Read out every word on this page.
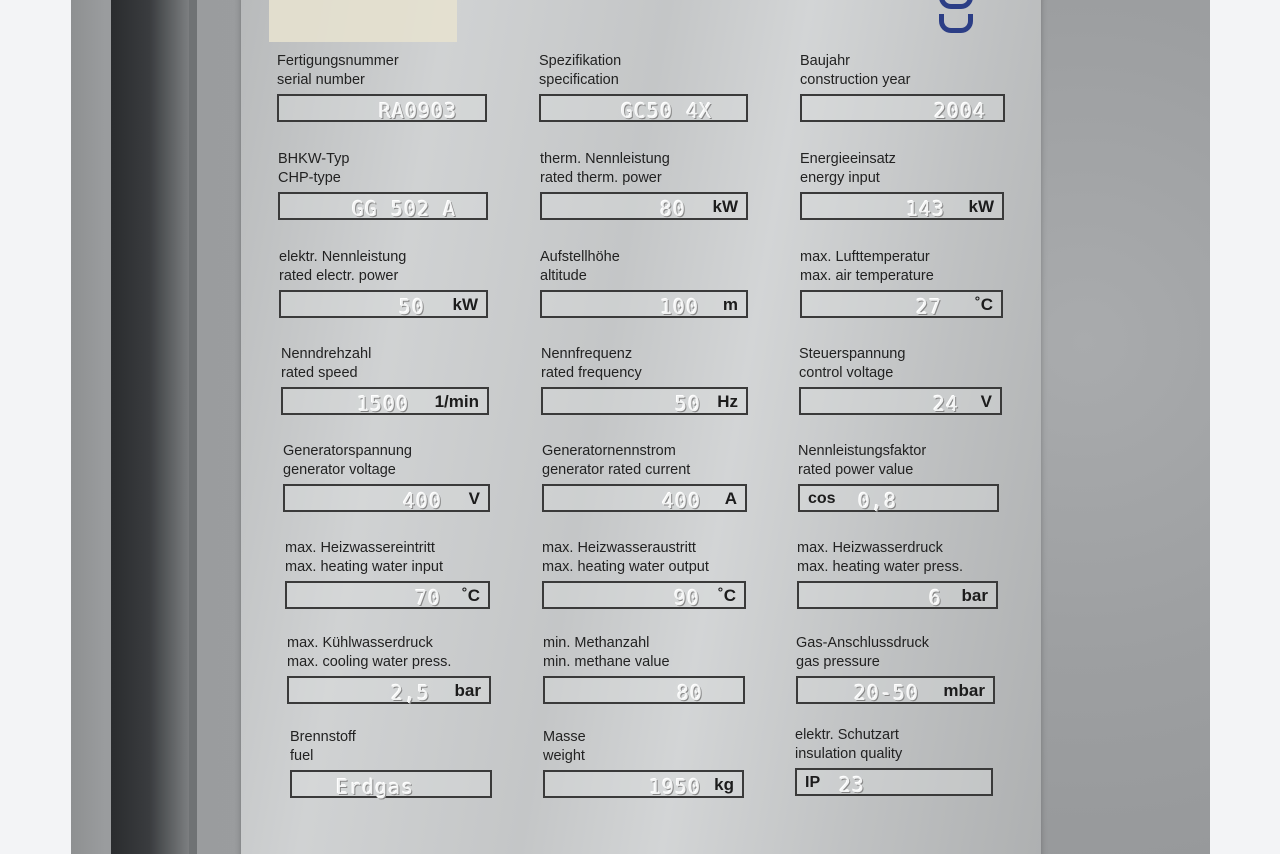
Fertigungsnummer
serial number
RA0903
Spezifikation
specification
GC50 4X
Baujahr
construction year
2004
BHKW-Typ
CHP-type
GG 502 A
therm. Nennleistung
rated therm. power
80 kW
Energieeinsatz
energy input
143 kW
elektr. Nennleistung
rated electr. power
50 kW
Aufstellhöhe
altitude
100 m
max. Lufttemperatur
max. air temperature
27 ˚C
Nenndrehzahl
rated speed
1500 1/min
Nennfrequenz
rated frequency
50 Hz
Steuerspannung
control voltage
24 V
Generatorspannung
generator voltage
400 V
Generatornennstrom
generator rated current
400 A
Nennleistungsfaktor
rated power value
cos 0,8
max. Heizwassereintritt
max. heating water input
70 ˚C
max. Heizwasseraustritt
max. heating water output
90 ˚C
max. Heizwasserdruck
max. heating water press.
6 bar
max. Kühlwasserdruck
max. cooling water press.
2,5 bar
min. Methanzahl
min. methane value
80
Gas-Anschlussdruck
gas pressure
20-50 mbar
Brennstoff
fuel
Erdgas
Masse
weight
1950 kg
elektr. Schutzart
insulation quality
IP 23
